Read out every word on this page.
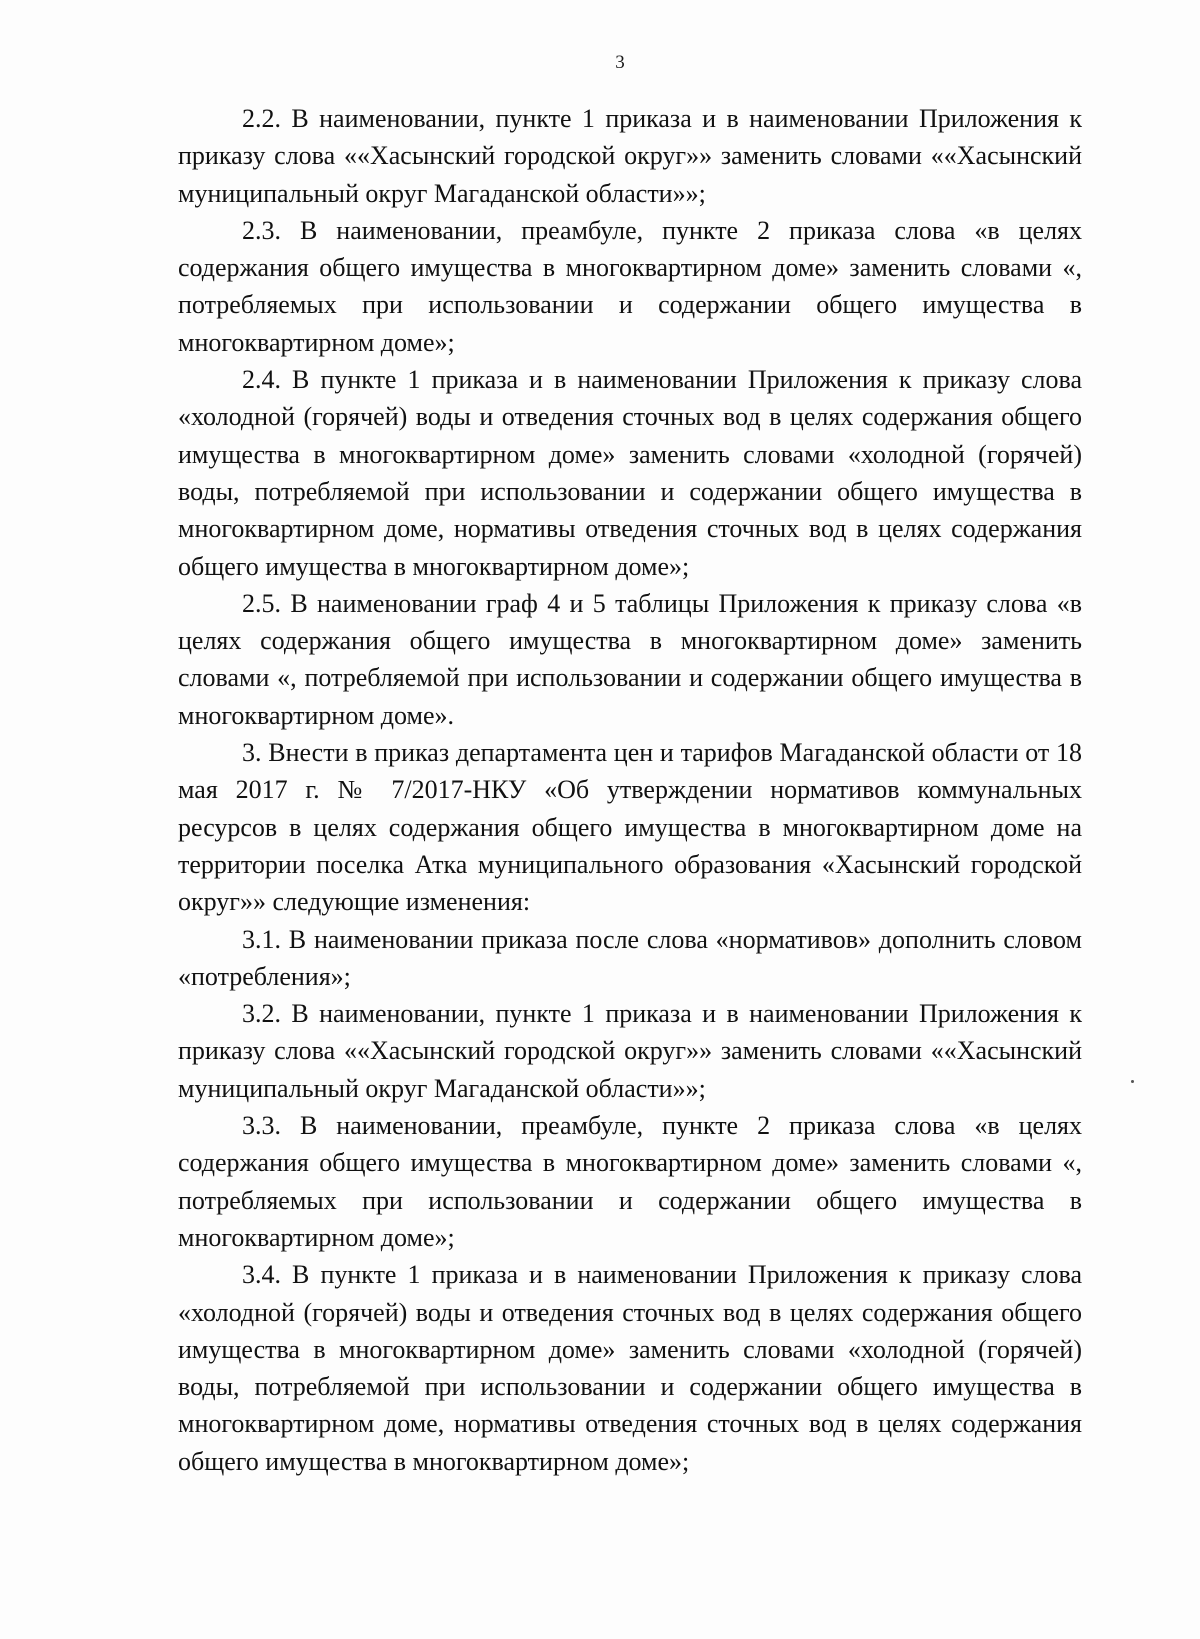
3

2.2. В наименовании, пункте 1 приказа и в наименовании Приложения к приказу слова ««Хасынский городской округ»» заменить словами ««Хасынский муниципальный округ Магаданской области»»;

2.3. В наименовании, преамбуле, пункте 2 приказа слова «в целях содержания общего имущества в многоквартирном доме» заменить словами «, потребляемых при использовании и содержании общего имущества в многоквартирном доме»;

2.4. В пункте 1 приказа и в наименовании Приложения к приказу слова «холодной (горячей) воды и отведения сточных вод в целях содержания общего имущества в многоквартирном доме» заменить словами «холодной (горячей) воды, потребляемой при использовании и содержании общего имущества в многоквартирном доме, нормативы отведения сточных вод в целях содержания общего имущества в многоквартирном доме»;

2.5. В наименовании граф 4 и 5 таблицы Приложения к приказу слова «в целях содержания общего имущества в многоквартирном доме» заменить словами «, потребляемой при использовании и содержании общего имущества в многоквартирном доме».

3. Внести в приказ департамента цен и тарифов Магаданской области от 18 мая 2017 г. № 7/2017-НКУ «Об утверждении нормативов коммунальных ресурсов в целях содержания общего имущества в многоквартирном доме на территории поселка Атка муниципального образования «Хасынский городской округ»» следующие изменения:

3.1. В наименовании приказа после слова «нормативов» дополнить словом «потребления»;

3.2. В наименовании, пункте 1 приказа и в наименовании Приложения к приказу слова ««Хасынский городской округ»» заменить словами ««Хасынский муниципальный округ Магаданской области»»;

3.3. В наименовании, преамбуле, пункте 2 приказа слова «в целях содержания общего имущества в многоквартирном доме» заменить словами «, потребляемых при использовании и содержании общего имущества в многоквартирном доме»;

3.4. В пункте 1 приказа и в наименовании Приложения к приказу слова «холодной (горячей) воды и отведения сточных вод в целях содержания общего имущества в многоквартирном доме» заменить словами «холодной (горячей) воды, потребляемой при использовании и содержании общего имущества в многоквартирном доме, нормативы отведения сточных вод в целях содержания общего имущества в многоквартирном доме»;
